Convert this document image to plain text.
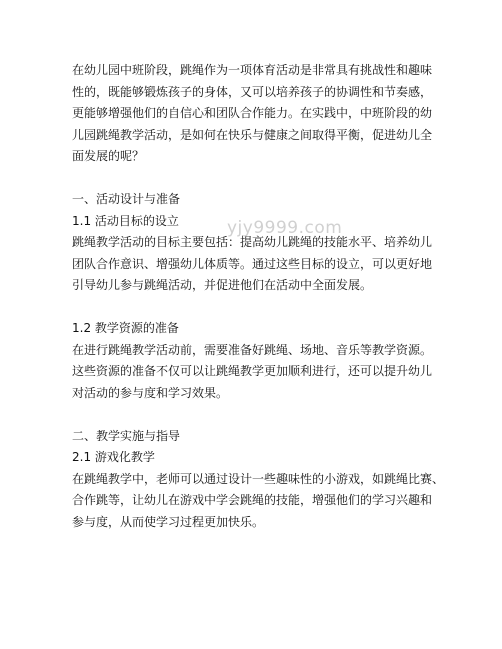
在幼儿园中班阶段，跳绳作为一项体育活动是非常具有挑战性和趣味

性的，既能够锻炼孩子的身体，又可以培养孩子的协调性和节奏感，

更能够增强他们的自信心和团队合作能力。在实践中，中班阶段的幼

儿园跳绳教学活动，是如何在快乐与健康之间取得平衡，促进幼儿全

面发展的呢？

一、活动设计与准备

1.1 活动目标的设立

跳绳教学活动的目标主要包括：提高幼儿跳绳的技能水平、培养幼儿

团队合作意识、增强幼儿体质等。通过这些目标的设立，可以更好地

引导幼儿参与跳绳活动，并促进他们在活动中全面发展。

1.2 教学资源的准备

在进行跳绳教学活动前，需要准备好跳绳、场地、音乐等教学资源。

这些资源的准备不仅可以让跳绳教学更加顺利进行，还可以提升幼儿

对活动的参与度和学习效果。

二、教学实施与指导

2.1 游戏化教学

在跳绳教学中，老师可以通过设计一些趣味性的小游戏，如跳绳比赛、

合作跳等，让幼儿在游戏中学会跳绳的技能，增强他们的学习兴趣和

参与度，从而使学习过程更加快乐。

yjy9999.com
